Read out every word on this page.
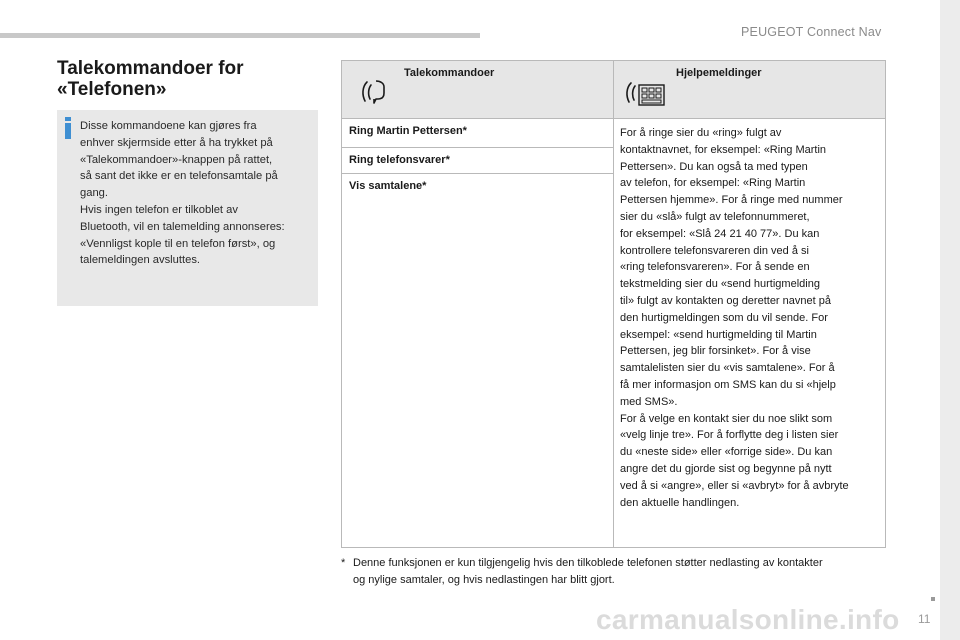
PEUGEOT Connect Nav
11
Talekommandoer for
«Telefonen»

Disse kommandoene kan gjøres fra

enhver skjermside etter å ha trykket på

«Talekommandoer»-knappen på rattet,

så sant det ikke er en telefonsamtale på

gang.

Hvis ingen telefon er tilkoblet av

Bluetooth, vil en talemelding annonseres:

«Vennligst kople til en telefon først», og

talemeldingen avsluttes.

Talekommandoer	Hjelpemeldinger
Ring Martin Pettersen*
Ring telefonsvarer*
Vis samtalene*

For å ringe sier du «ring» fulgt av

kontaktnavnet, for eksempel: «Ring Martin

Pettersen». Du kan også ta med typen

av telefon, for eksempel: «Ring Martin

Pettersen hjemme». For å ringe med nummer

sier du «slå» fulgt av telefonnummeret,

for eksempel: «Slå 24 21 40 77». Du kan

kontrollere telefonsvareren din ved å si

«ring telefonsvareren». For å sende en

tekstmelding sier du «send hurtigmelding

til» fulgt av kontakten og deretter navnet på

den hurtigmeldingen som du vil sende. For

eksempel: «send hurtigmelding til Martin

Pettersen, jeg blir forsinket». For å vise

samtalelisten sier du «vis samtalene». For å

få mer informasjon om SMS kan du si «hjelp

med SMS».

For å velge en kontakt sier du noe slikt som

«velg linje tre». For å forflytte deg i listen sier

du «neste side» eller «forrige side». Du kan

angre det du gjorde sist og begynne på nytt

ved å si «angre», eller si «avbryt» for å avbryte

den aktuelle handlingen.

* Denne funksjonen er kun tilgjengelig hvis den tilkoblede telefonen støtter nedlasting av kontakter
og nylige samtaler, og hvis nedlastingen har blitt gjort.
carmanualsonline.info
